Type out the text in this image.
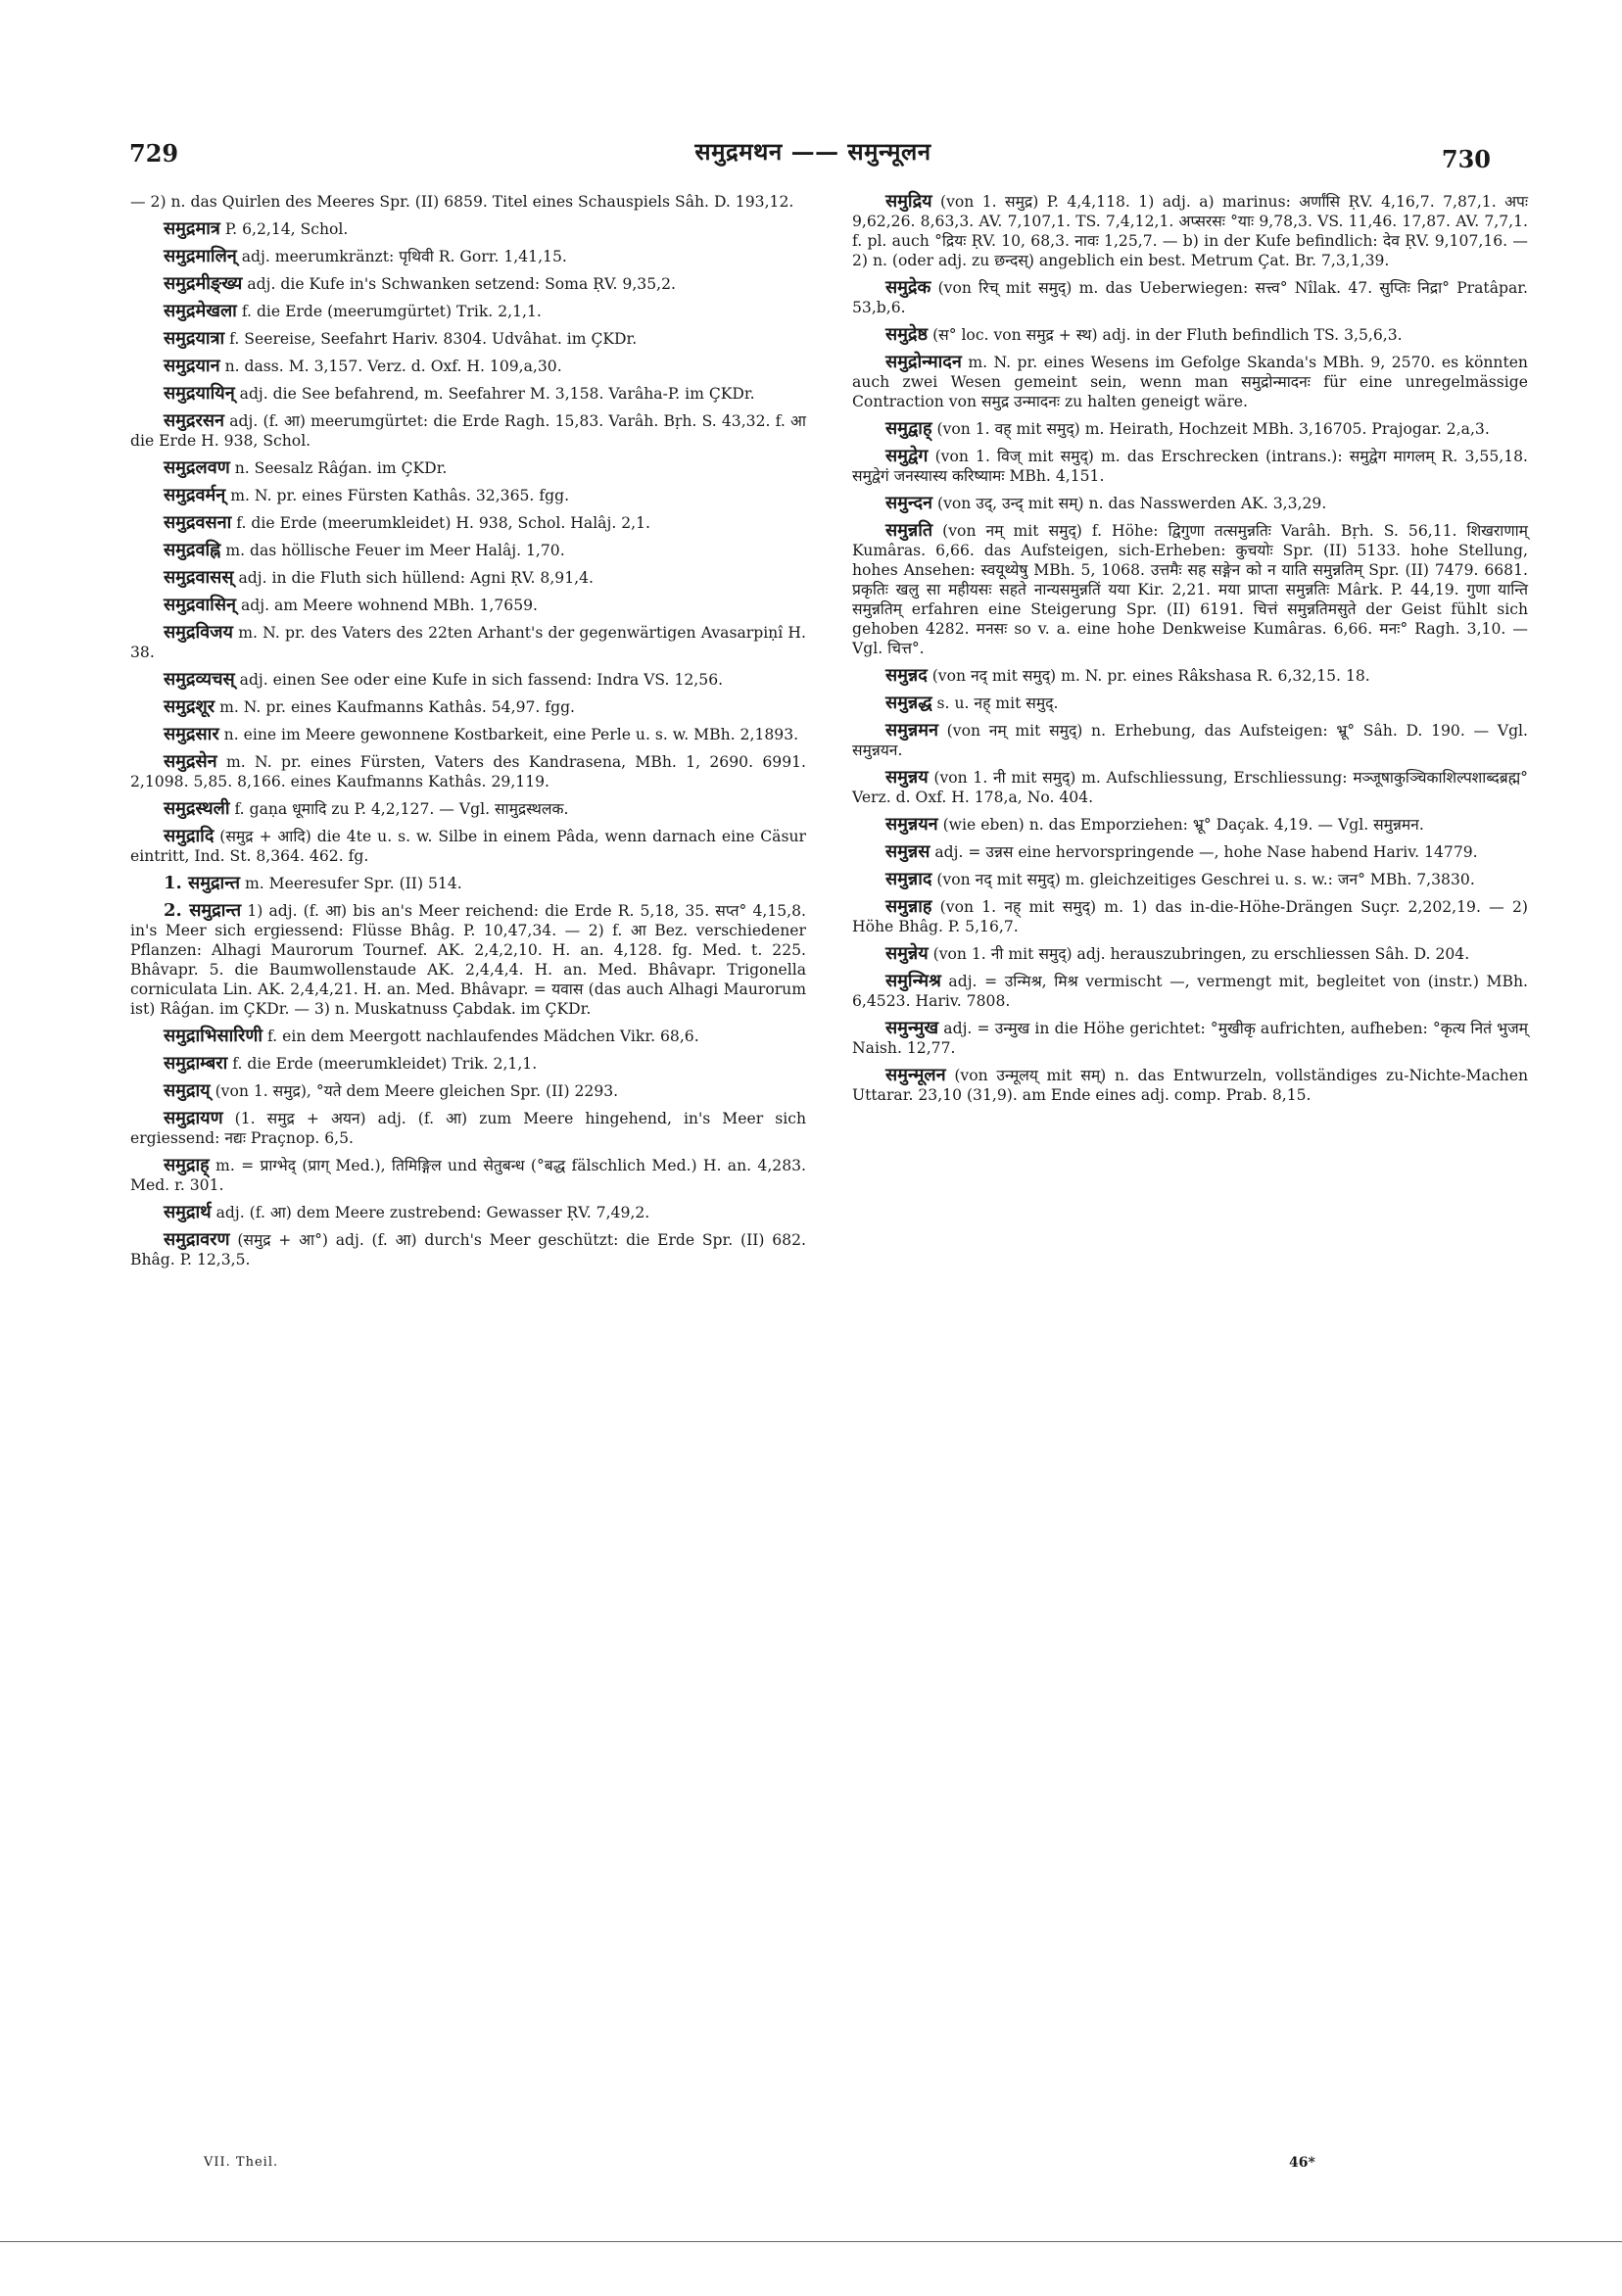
729	समुद्रमथन —— समुन्मूलन	730

— 2) n. das Quirlen des Meeres Spr. (II) 6859. Titel eines Schauspiels Sâh. D. 193,12.

समुद्रमात्र P. 6,2,14, Schol.

समुद्रमालिन् adj. meerumkränzt: पृथिवी R. Gorr. 1,41,15.

समुद्रमीङ्ख्य adj. die Kufe in's Schwanken setzend: Soma ṚV. 9,35,2.

समुद्रमेखला f. die Erde (meerumgürtet) Trik. 2,1,1.

समुद्रयात्रा f. Seereise, Seefahrt Hariv. 8304. Udvâhat. im ÇKDr.

समुद्रयान n. dass. M. 3,157. Verz. d. Oxf. H. 109,a,30.

समुद्रयायिन् adj. die See befahrend, m. Seefahrer M. 3,158. Varâha-P. im ÇKDr.

समुद्ररसन adj. (f. आ) meerumgürtet: die Erde Ragh. 15,83. Varâh. Bṛh. S. 43,32. f. आ die Erde H. 938, Schol.

समुद्रलवण n. Seesalz Râǵan. im ÇKDr.

समुद्रवर्मन् m. N. pr. eines Fürsten Kathâs. 32,365. fgg.

समुद्रवसना f. die Erde (meerumkleidet) H. 938, Schol. Halâj. 2,1.

समुद्रवह्नि m. das höllische Feuer im Meer Halâj. 1,70.

समुद्रवासस् adj. in die Fluth sich hüllend: Agni ṚV. 8,91,4.

समुद्रवासिन् adj. am Meere wohnend MBh. 1,7659.

समुद्रविजय m. N. pr. des Vaters des 22ten Arhant's der gegenwärtigen Avasarpiṇî H. 38.

समुद्रव्यचस् adj. einen See oder eine Kufe in sich fassend: Indra VS. 12,56.

समुद्रशूर m. N. pr. eines Kaufmanns Kathâs. 54,97. fgg.

समुद्रसार n. eine im Meere gewonnene Kostbarkeit, eine Perle u. s. w. MBh. 2,1893.

समुद्रसेन m. N. pr. eines Fürsten, Vaters des Kandrasena, MBh. 1, 2690. 6991. 2,1098. 5,85. 8,166. eines Kaufmanns Kathâs. 29,119.

समुद्रस्थली f. gaṇa धूमादि zu P. 4,2,127. — Vgl. सामुद्रस्थलक.

समुद्रादि (समुद्र + आदि) die 4te u. s. w. Silbe in einem Pâda, wenn darnach eine Cäsur eintritt, Ind. St. 8,364. 462. fg.

1. समुद्रान्त m. Meeresufer Spr. (II) 514.

2. समुद्रान्त 1) adj. (f. आ) bis an's Meer reichend: die Erde R. 5,18, 35. सप्त° 4,15,8. in's Meer sich ergiessend: Flüsse Bhâg. P. 10,47,34. — 2) f. आ Bez. verschiedener Pflanzen: Alhagi Maurorum Tournef. AK. 2,4,2,10. H. an. 4,128. fg. Med. t. 225. Bhâvapr. 5. die Baumwollenstaude AK. 2,4,4,4. H. an. Med. Bhâvapr. Trigonella corniculata Lin. AK. 2,4,4,21. H. an. Med. Bhâvapr. = यवास (das auch Alhagi Maurorum ist) Râǵan. im ÇKDr. — 3) n. Muskatnuss Çabdak. im ÇKDr.

समुद्राभिसारिणी f. ein dem Meergott nachlaufendes Mädchen Vikr. 68,6.

समुद्राम्बरा f. die Erde (meerumkleidet) Trik. 2,1,1.

समुद्राय् (von 1. समुद्र), °यते dem Meere gleichen Spr. (II) 2293.

समुद्रायण (1. समुद्र + अयन) adj. (f. आ) zum Meere hingehend, in's Meer sich ergiessend: नद्यः Praçnop. 6,5.

समुद्राह् m. = प्राग्भेद् (प्राग् Med.), तिमिङ्गिल und सेतुबन्ध (°बद्ध fälschlich Med.) H. an. 4,283. Med. r. 301.

समुद्रार्थ adj. (f. आ) dem Meere zustrebend: Gewasser ṚV. 7,49,2.

समुद्रावरण (समुद्र + आ°) adj. (f. आ) durch's Meer geschützt: die Erde Spr. (II) 682. Bhâg. P. 12,3,5.

समुद्रिय (von 1. समुद्र) P. 4,4,118. 1) adj. a) marinus: अर्णांसि ṚV. 4,16,7. 7,87,1. अपः 9,62,26. 8,63,3. AV. 7,107,1. TS. 7,4,12,1. अप्सरसः °याः 9,78,3. VS. 11,46. 17,87. AV. 7,7,1. f. pl. auch °द्रियः ṚV. 10, 68,3. नावः 1,25,7. — b) in der Kufe befindlich: देव ṚV. 9,107,16. — 2) n. (oder adj. zu छन्दस्) angeblich ein best. Metrum Çat. Br. 7,3,1,39.

समुद्रेक (von रिच् mit समुद्) m. das Ueberwiegen: सत्त्व° Nîlak. 47. सुप्तिः निद्रा° Pratâpar. 53,b,6.

समुद्रेष्ठ (स° loc. von समुद्र + स्थ) adj. in der Fluth befindlich TS. 3,5,6,3.

समुद्रोन्मादन m. N. pr. eines Wesens im Gefolge Skanda's MBh. 9, 2570. es könnten auch zwei Wesen gemeint sein, wenn man समुद्रोन्मादनः für eine unregelmässige Contraction von समुद्र उन्मादनः zu halten geneigt wäre.

समुद्वाह् (von 1. वह् mit समुद्) m. Heirath, Hochzeit MBh. 3,16705. Prajogar. 2,a,3.

समुद्वेग (von 1. विज् mit समुद्) m. das Erschrecken (intrans.): समुद्वेग मागलम् R. 3,55,18. समुद्वेगं जनस्यास्य करिष्यामः MBh. 4,151.

समुन्दन (von उद्, उन्द् mit सम्) n. das Nasswerden AK. 3,3,29.

समुन्नति (von नम् mit समुद्) f. Höhe: द्विगुणा तत्समुन्नतिः Varâh. Bṛh. S. 56,11. शिखराणाम् Kumâras. 6,66. das Aufsteigen, sich-Erheben: कुचयोः Spr. (II) 5133. hohe Stellung, hohes Ansehen: स्वयूथ्येषु MBh. 5, 1068. उत्तमैः सह सङ्गेन को न याति समुन्नतिम् Spr. (II) 7479. 6681. प्रकृतिः खलु सा महीयसः सहते नान्यसमुन्नतिं यया Kir. 2,21. मया प्राप्ता समुन्नतिः Mârk. P. 44,19. गुणा यान्ति समुन्नतिम् erfahren eine Steigerung Spr. (II) 6191. चित्तं समुन्नतिमसुते der Geist fühlt sich gehoben 4282. मनसः so v. a. eine hohe Denkweise Kumâras. 6,66. मनः° Ragh. 3,10. — Vgl. चित्त°.

समुन्नद (von नद् mit समुद्) m. N. pr. eines Râkshasa R. 6,32,15. 18.

समुन्नद्ध s. u. नह् mit समुद्.

समुन्नमन (von नम् mit समुद्) n. Erhebung, das Aufsteigen: भ्रू° Sâh. D. 190. — Vgl. समुन्नयन.

समुन्नय (von 1. नी mit समुद्) m. Aufschliessung, Erschliessung: मञ्जूषाकुञ्चिकाशिल्पशाब्दब्रह्म° Verz. d. Oxf. H. 178,a, No. 404.

समुन्नयन (wie eben) n. das Emporziehen: भ्रू° Daçak. 4,19. — Vgl. समुन्नमन.

समुन्नस adj. = उन्नस eine hervorspringende —, hohe Nase habend Hariv. 14779.

समुन्नाद (von नद् mit समुद्) m. gleichzeitiges Geschrei u. s. w.: जन° MBh. 7,3830.

समुन्नाह (von 1. नह् mit समुद्) m. 1) das in-die-Höhe-Drängen Suçr. 2,202,19. — 2) Höhe Bhâg. P. 5,16,7.

समुन्नेय (von 1. नी mit समुद्) adj. herauszubringen, zu erschliessen Sâh. D. 204.

समुन्मिश्र adj. = उन्मिश्र, मिश्र vermischt —, vermengt mit, begleitet von (instr.) MBh. 6,4523. Hariv. 7808.

समुन्मुख adj. = उन्मुख in die Höhe gerichtet: °मुखीकृ aufrichten, aufheben: °कृत्य नितं भुजम् Naish. 12,77.

समुन्मूलन (von उन्मूलय् mit सम्) n. das Entwurzeln, vollständiges zu-Nichte-Machen Uttarar. 23,10 (31,9). am Ende eines adj. comp. Prab. 8,15.

VII. Theil.	46*
